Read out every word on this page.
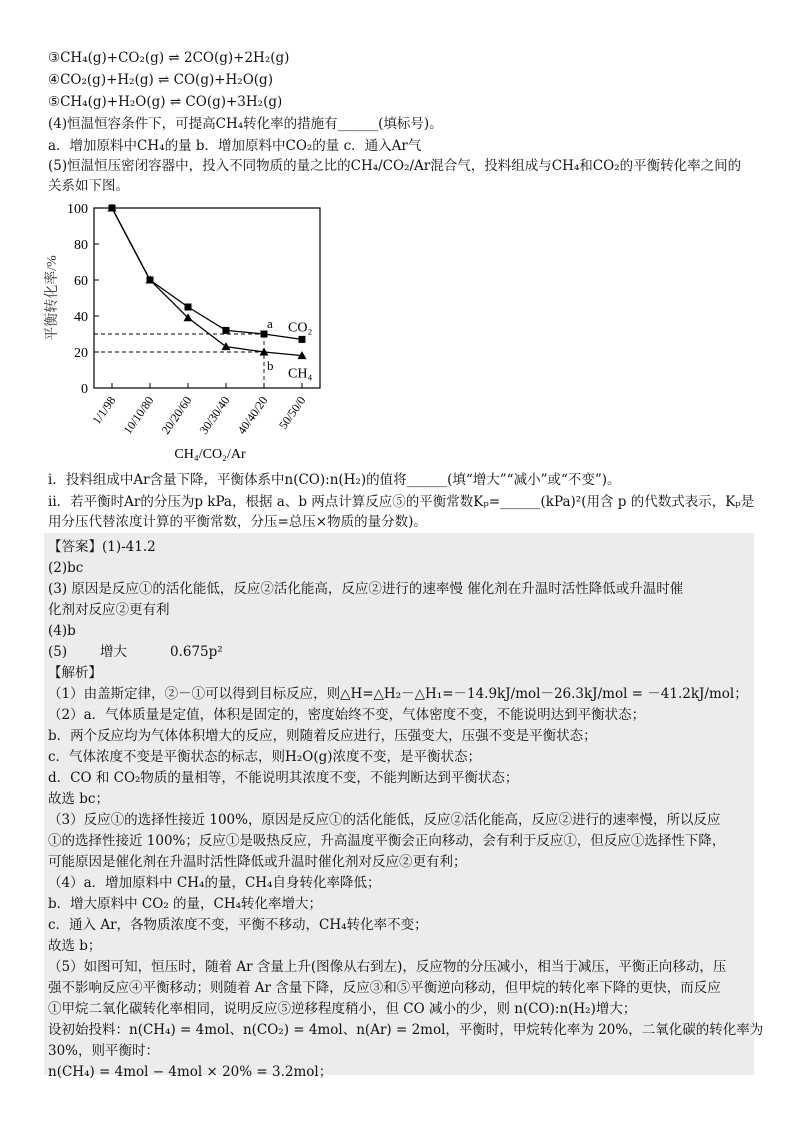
③CH₄(g)+CO₂(g) ⇌ 2CO(g)+2H₂(g)
④CO₂(g)+H₂(g) ⇌ CO(g)+H₂O(g)
⑤CH₄(g)+H₂O(g) ⇌ CO(g)+3H₂(g)
(4)恒温恒容条件下，可提高CH₄转化率的措施有______(填标号)。
a．增加原料中CH₄的量 b．增加原料中CO₂的量 c．通入Ar气
(5)恒温恒压密闭容器中，投入不同物质的量之比的CH₄/CO₂/Ar混合气，投料组成与CH₄和CO₂的平衡转化率之间的
关系如下图。
0
20
40
60
80
100
1/1/98 10/10/80 20/20/60 30/30/40 40/40/20 50/50/0
CO₂
CH₄
a
b
平衡转化率/%
CH₄/CO₂/Ar
i．投料组成中Ar含量下降，平衡体系中n(CO):n(H₂)的值将______(填“增大”“减小”或“不变”)。
ii．若平衡时Ar的分压为p kPa，根据 a、b 两点计算反应⑤的平衡常数Kₚ=______(kPa)²(用含 p 的代数式表示，Kₚ是
用分压代替浓度计算的平衡常数，分压=总压×物质的量分数)。
【答案】(1)-41.2
(2)bc
(3) 原因是反应①的活化能低，反应②活化能高，反应②进行的速率慢 催化剂在升温时活性降低或升温时催
化剂对反应②更有利
(4)b
(5) 增大	0.675p²
【解析】
（1）由盖斯定律，②－①可以得到目标反应，则△H=△H₂－△H₁=－14.9kJ/mol－26.3kJ/mol = －41.2kJ/mol；
（2）a．气体质量是定值，体积是固定的，密度始终不变，气体密度不变，不能说明达到平衡状态；
b．两个反应均为气体体积增大的反应，则随着反应进行，压强变大，压强不变是平衡状态；
c．气体浓度不变是平衡状态的标志，则H₂O(g)浓度不变，是平衡状态；
d．CO 和 CO₂物质的量相等，不能说明其浓度不变，不能判断达到平衡状态；
故选 bc；
（3）反应①的选择性接近 100%，原因是反应①的活化能低，反应②活化能高，反应②进行的速率慢，所以反应
①的选择性接近 100%；反应①是吸热反应，升高温度平衡会正向移动，会有利于反应①，但反应①选择性下降，
可能原因是催化剂在升温时活性降低或升温时催化剂对反应②更有利；
（4）a．增加原料中 CH₄的量，CH₄自身转化率降低；
b．增大原料中 CO₂ 的量，CH₄转化率增大；
c．通入 Ar，各物质浓度不变，平衡不移动，CH₄转化率不变；
故选 b；
（5）如图可知，恒压时，随着 Ar 含量上升(图像从右到左)，反应物的分压减小，相当于减压，平衡正向移动，压
强不影响反应④平衡移动；则随着 Ar 含量下降，反应③和⑤平衡逆向移动，但甲烷的转化率下降的更快，而反应
①甲烷二氧化碳转化率相同，说明反应⑤逆移程度稍小，但 CO 减小的少，则 n(CO):n(H₂)增大；
设初始投料：n(CH₄) = 4mol、n(CO₂) = 4mol、n(Ar) = 2mol，平衡时，甲烷转化率为 20%，二氧化碳的转化率为
30%，则平衡时：
n(CH₄) = 4mol − 4mol × 20% = 3.2mol；
